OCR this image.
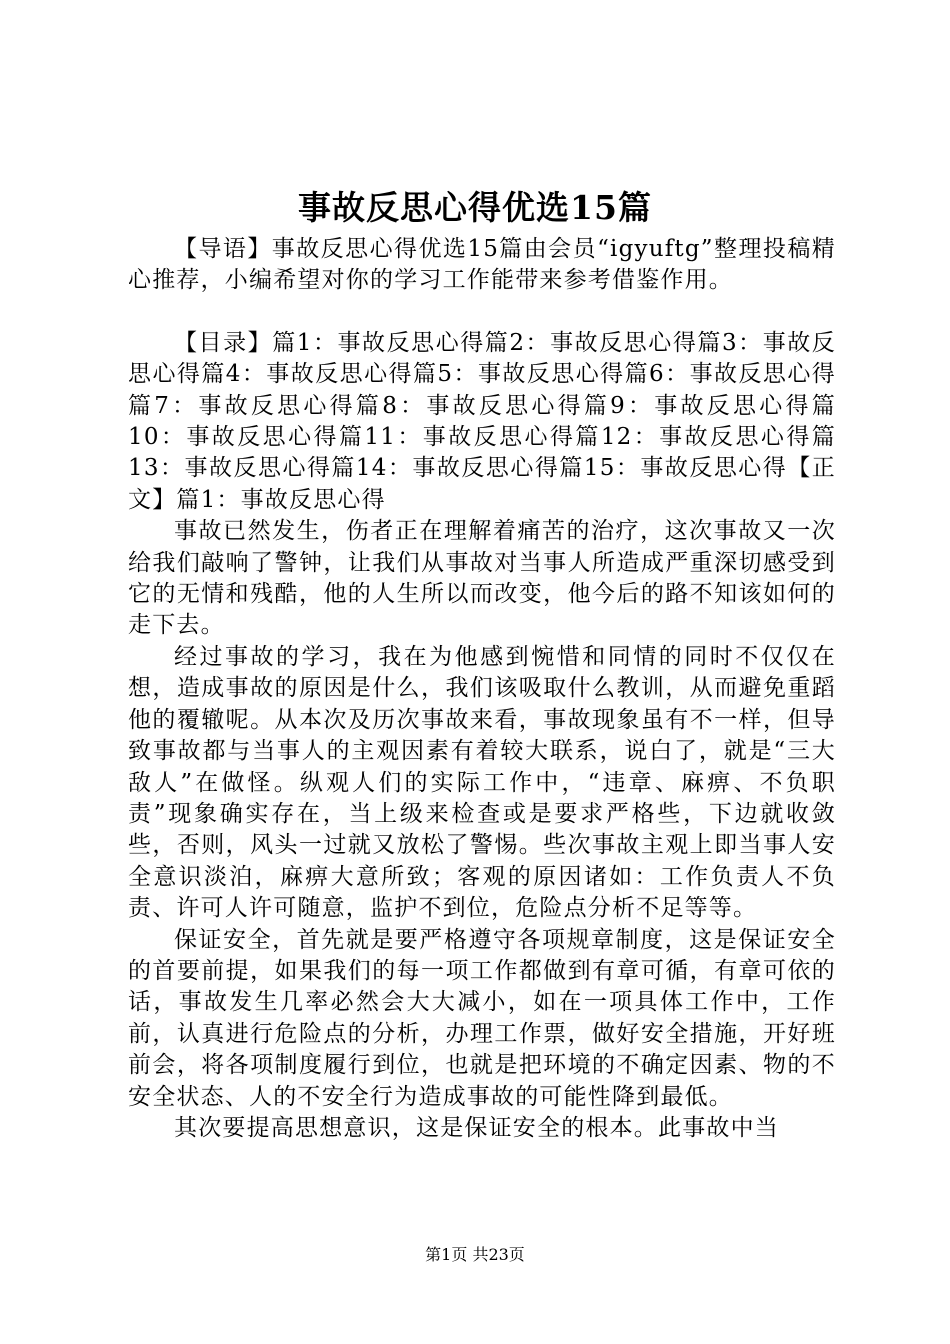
事故反思心得优选15篇

【导语】事故反思心得优选15篇由会员“igyuftg”整理投稿精心推荐，小编希望对你的学习工作能带来参考借鉴作用。

【目录】篇1：事故反思心得篇2：事故反思心得篇3：事故反思心得篇4：事故反思心得篇5：事故反思心得篇6：事故反思心得篇7：事故反思心得篇8：事故反思心得篇9：事故反思心得篇10：事故反思心得篇11：事故反思心得篇12：事故反思心得篇13：事故反思心得篇14：事故反思心得篇15：事故反思心得【正文】篇1：事故反思心得

事故已然发生，伤者正在理解着痛苦的治疗，这次事故又一次给我们敲响了警钟，让我们从事故对当事人所造成严重深切感受到它的无情和残酷，他的人生所以而改变，他今后的路不知该如何的走下去。

经过事故的学习，我在为他感到惋惜和同情的同时不仅仅在想，造成事故的原因是什么，我们该吸取什么教训，从而避免重蹈他的覆辙呢。从本次及历次事故来看，事故现象虽有不一样，但导致事故都与当事人的主观因素有着较大联系，说白了，就是“三大敌人”在做怪。纵观人们的实际工作中，“违章、麻痹、不负职责”现象确实存在，当上级来检查或是要求严格些，下边就收敛些，否则，风头一过就又放松了警惕。些次事故主观上即当事人安全意识淡泊，麻痹大意所致；客观的原因诸如：工作负责人不负责、许可人许可随意，监护不到位，危险点分析不足等等。

保证安全，首先就是要严格遵守各项规章制度，这是保证安全的首要前提，如果我们的每一项工作都做到有章可循，有章可依的话，事故发生几率必然会大大减小，如在一项具体工作中，工作前，认真进行危险点的分析，办理工作票，做好安全措施，开好班前会，将各项制度履行到位，也就是把环境的不确定因素、物的不安全状态、人的不安全行为造成事故的可能性降到最低。

其次要提高思想意识，这是保证安全的根本。此事故中当

第1页 共23页
